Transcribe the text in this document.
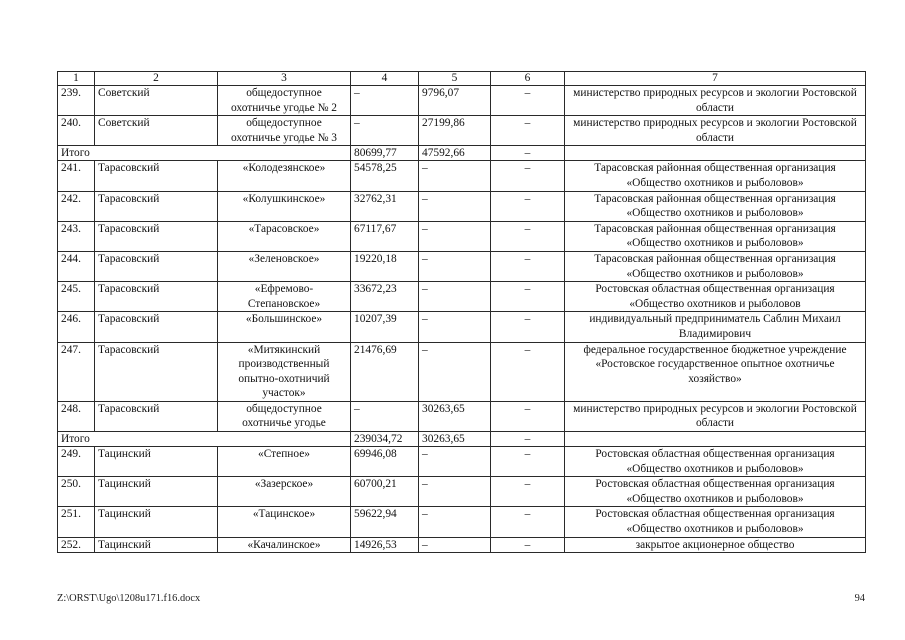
1	2	3	4	5	6	7
239.	Советский	общедоступное охотничье угодье № 2	–	9796,07	–	министерство природных ресурсов и экологии Ростовской области
240.	Советский	общедоступное охотничье угодье № 3	–	27199,86	–	министерство природных ресурсов и экологии Ростовской области
Итого			80699,77	47592,66	–	
241.	Тарасовский	«Колодезянское»	54578,25	–	–	Тарасовская районная общественная организация «Общество охотников и рыболовов»
242.	Тарасовский	«Колушкинское»	32762,31	–	–	Тарасовская районная общественная организация «Общество охотников и рыболовов»
243.	Тарасовский	«Тарасовское»	67117,67	–	–	Тарасовская районная общественная организация «Общество охотников и рыболовов»
244.	Тарасовский	«Зеленовское»	19220,18	–	–	Тарасовская районная общественная организация «Общество охотников и рыболовов»
245.	Тарасовский	«Ефремово-Степановское»	33672,23	–	–	Ростовская областная общественная организация «Общество охотников и рыболовов
246.	Тарасовский	«Большинское»	10207,39	–	–	индивидуальный предприниматель Саблин Михаил Владимирович
247.	Тарасовский	«Митякинский производственный опытно-охотничий участок»	21476,69	–	–	федеральное государственное бюджетное учреждение «Ростовское государственное опытное охотничье хозяйство»
248.	Тарасовский	общедоступное охотничье угодье	–	30263,65	–	министерство природных ресурсов и экологии Ростовской области
Итого			239034,72	30263,65	–	
249.	Тацинский	«Степное»	69946,08	–	–	Ростовская областная общественная организация «Общество охотников и рыболовов»
250.	Тацинский	«Зазерское»	60700,21	–	–	Ростовская областная общественная организация «Общество охотников и рыболовов»
251.	Тацинский	«Тацинское»	59622,94	–	–	Ростовская областная общественная организация «Общество охотников и рыболовов»
252.	Тацинский	«Качалинское»	14926,53	–	–	закрытое акционерное общество
Z:\ORST\Ugo\1208u171.f16.docx	94
